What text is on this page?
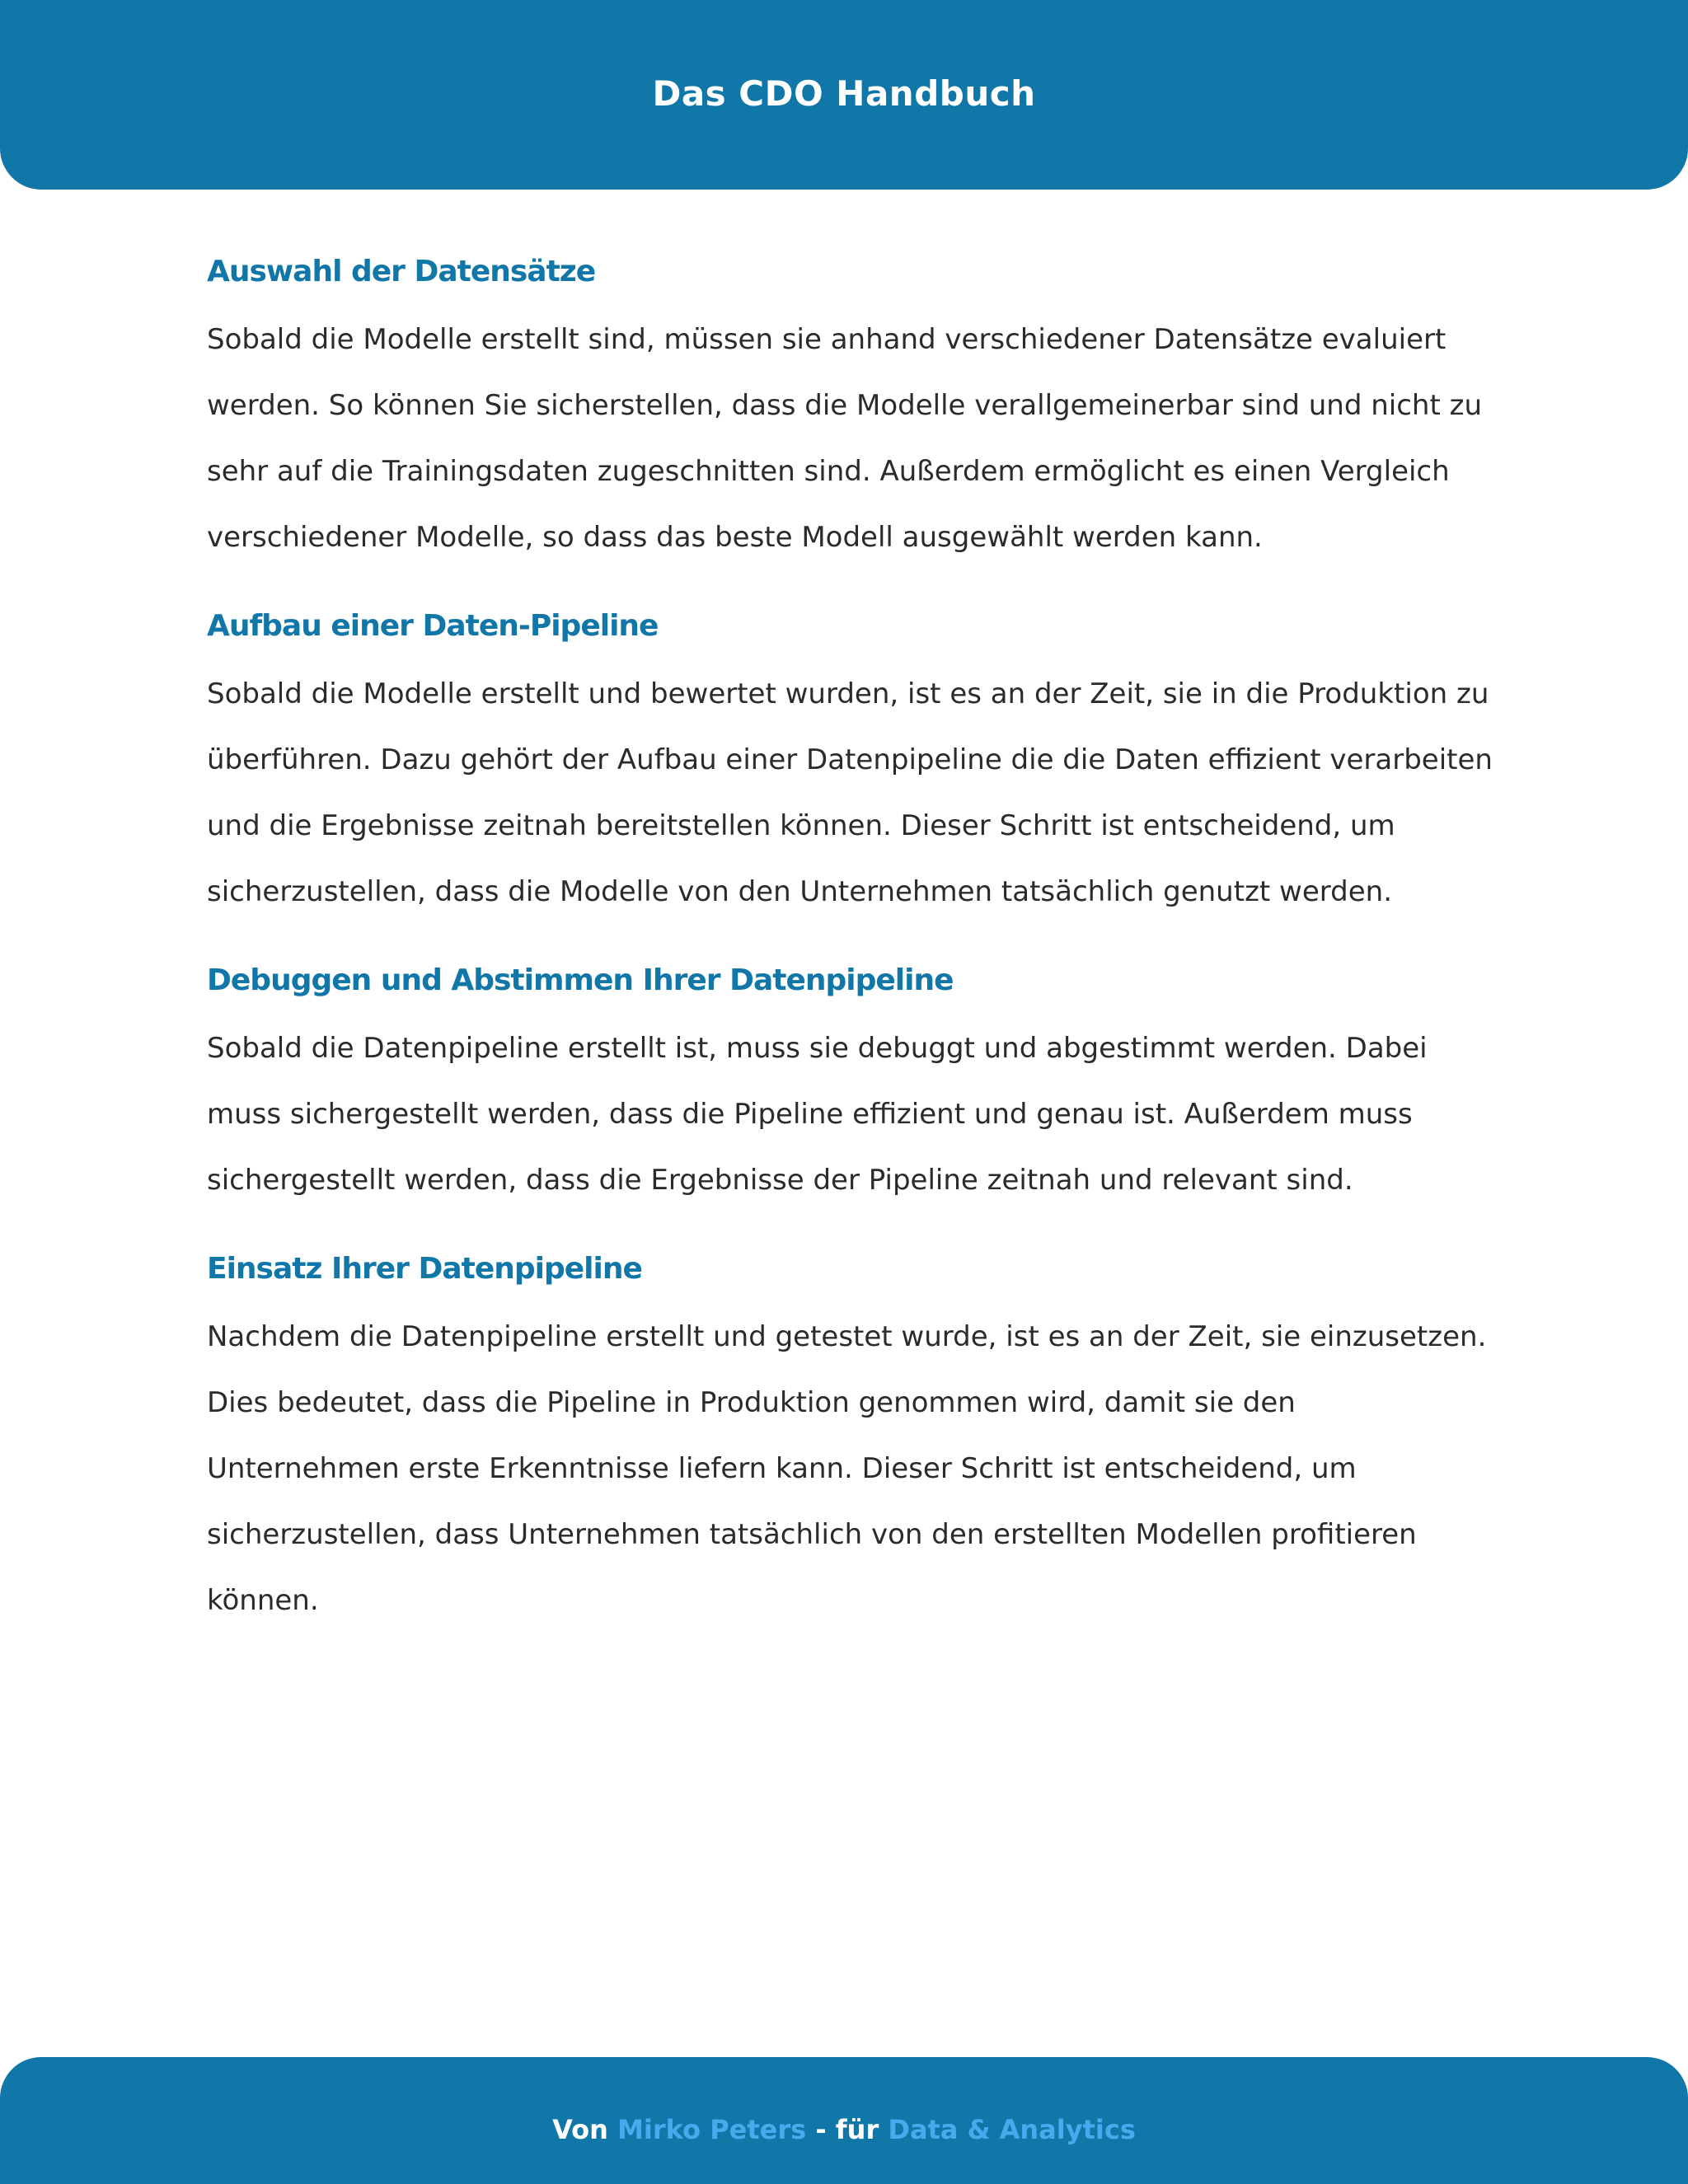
Das CDO Handbuch
Auswahl der Datensätze

Sobald die Modelle erstellt sind, müssen sie anhand verschiedener Datensätze evaluiert werden. So können Sie sicherstellen, dass die Modelle verallgemeinerbar sind und nicht zu sehr auf die Trainingsdaten zugeschnitten sind. Außerdem ermöglicht es einen Vergleich verschiedener Modelle, so dass das beste Modell ausgewählt werden kann.

Aufbau einer Daten-Pipeline

Sobald die Modelle erstellt und bewertet wurden, ist es an der Zeit, sie in die Produktion zu überführen. Dazu gehört der Aufbau einer Datenpipeline die die Daten effizient verarbeiten und die Ergebnisse zeitnah bereitstellen können. Dieser Schritt ist entscheidend, um sicherzustellen, dass die Modelle von den Unternehmen tatsächlich genutzt werden.

Debuggen und Abstimmen Ihrer Datenpipeline

Sobald die Datenpipeline erstellt ist, muss sie debuggt und abgestimmt werden. Dabei muss sichergestellt werden, dass die Pipeline effizient und genau ist. Außerdem muss sichergestellt werden, dass die Ergebnisse der Pipeline zeitnah und relevant sind.

Einsatz Ihrer Datenpipeline

Nachdem die Datenpipeline erstellt und getestet wurde, ist es an der Zeit, sie einzusetzen. Dies bedeutet, dass die Pipeline in Produktion genommen wird, damit sie den Unternehmen erste Erkenntnisse liefern kann. Dieser Schritt ist entscheidend, um sicherzustellen, dass Unternehmen tatsächlich von den erstellten Modellen profitieren können.

Von Mirko Peters - für Data & Analytics
